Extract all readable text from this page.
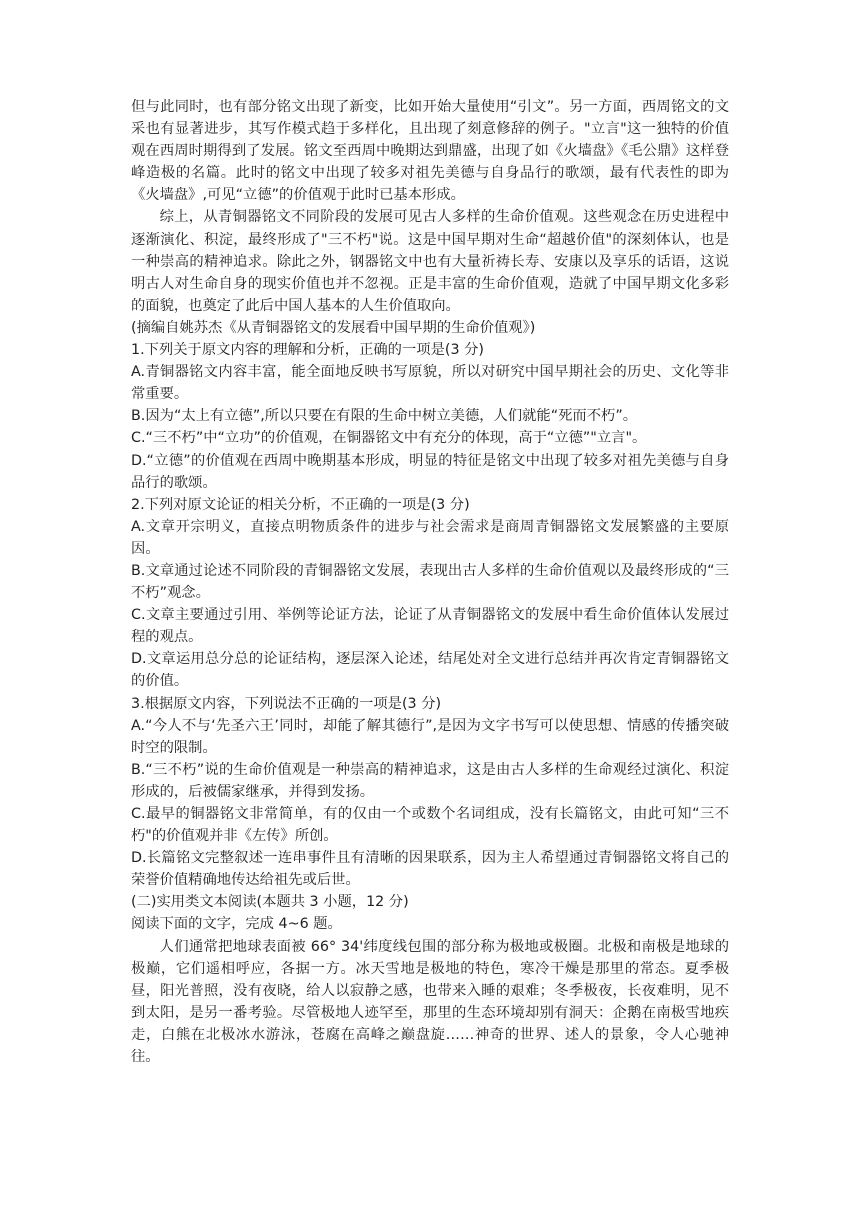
但与此同时，也有部分铭文出现了新变，比如开始大量使用“引文”。另一方面，西周铭文的文采也有显著进步，其写作模式趋于多样化，且出现了刻意修辞的例子。"立言"这一独特的价值观在西周时期得到了发展。铭文至西周中晚期达到鼎盛，出现了如《火墙盘》《毛公鼎》这样登峰造极的名篇。此时的铭文中出现了较多对祖先美德与自身品行的歌颂，最有代表性的即为《火墙盘》,可见“立德”的价值观于此时已基本形成。

综上，从青铜器铭文不同阶段的发展可见古人多样的生命价值观。这些观念在历史进程中逐渐演化、积淀，最终形成了"三不朽"说。这是中国早期对生命“超越价值"的深刻体认，也是一种崇高的精神追求。除此之外，钢器铭文中也有大量祈祷长寿、安康以及享乐的话语，这说明古人对生命自身的现实价值也并不忽视。正是丰富的生命价值观，造就了中国早期文化多彩的面貌，也奠定了此后中国人基本的人生价值取向。

(摘编自姚苏杰《从青铜器铭文的发展看中国早期的生命价值观》)

1.下列关于原文内容的理解和分析，正确的一项是(3 分)

A.青铜器铭文内容丰富，能全面地反映书写原貌，所以对研究中国早期社会的历史、文化等非常重要。

B.因为“太上有立德”,所以只要在有限的生命中树立美德，人们就能“死而不朽”。

C.“三不朽”中“立功”的价值观，在铜器铭文中有充分的体现，高于“立德”"立言"。

D.“立德”的价值观在西周中晚期基本形成，明显的特征是铭文中出现了较多对祖先美德与自身品行的歌颂。

2.下列对原文论证的相关分析，不正确的一项是(3 分)

A.文章开宗明义，直接点明物质条件的进步与社会需求是商周青铜器铭文发展繁盛的主要原因。

B.文章通过论述不同阶段的青铜器铭文发展，表现出古人多样的生命价值观以及最终形成的“三不朽”观念。

C.文章主要通过引用、举例等论证方法，论证了从青铜器铭文的发展中看生命价值体认发展过程的观点。

D.文章运用总分总的论证结构，逐层深入论述，结尾处对全文进行总结并再次肯定青铜器铭文的价值。

3.根据原文内容，下列说法不正确的一项是(3 分)

A.“今人不与‘先圣六王’同时，却能了解其德行”,是因为文字书写可以使思想、情感的传播突破时空的限制。

B.“三不朽”说的生命价值观是一种崇高的精神追求，这是由古人多样的生命观经过演化、积淀形成的，后被儒家继承，并得到发扬。

C.最早的铜器铭文非常简单，有的仅由一个或数个名词组成，没有长篇铭文，由此可知“三不朽"的价值观并非《左传》所创。

D.长篇铭文完整叙述一连串事件且有清晰的因果联系，因为主人希望通过青铜器铭文将自己的荣誉价值精确地传达给祖先或后世。

(二)实用类文本阅读(本题共 3 小题，12 分)

阅读下面的文字，完成 4~6 题。

人们通常把地球表面被 66° 34'纬度线包围的部分称为极地或极圈。北极和南极是地球的极巅，它们遥相呼应，各据一方。冰天雪地是极地的特色，寒冷干燥是那里的常态。夏季极昼，阳光普照，没有夜晓，给人以寂静之感，也带来入睡的艰难；冬季极夜，长夜难明，见不到太阳，是另一番考验。尽管极地人迹罕至，那里的生态环境却别有洞天：企鹅在南极雪地疾走，白熊在北极冰水游泳，苍腐在高峰之巅盘旋……神奇的世界、述人的景象，令人心驰神往。
